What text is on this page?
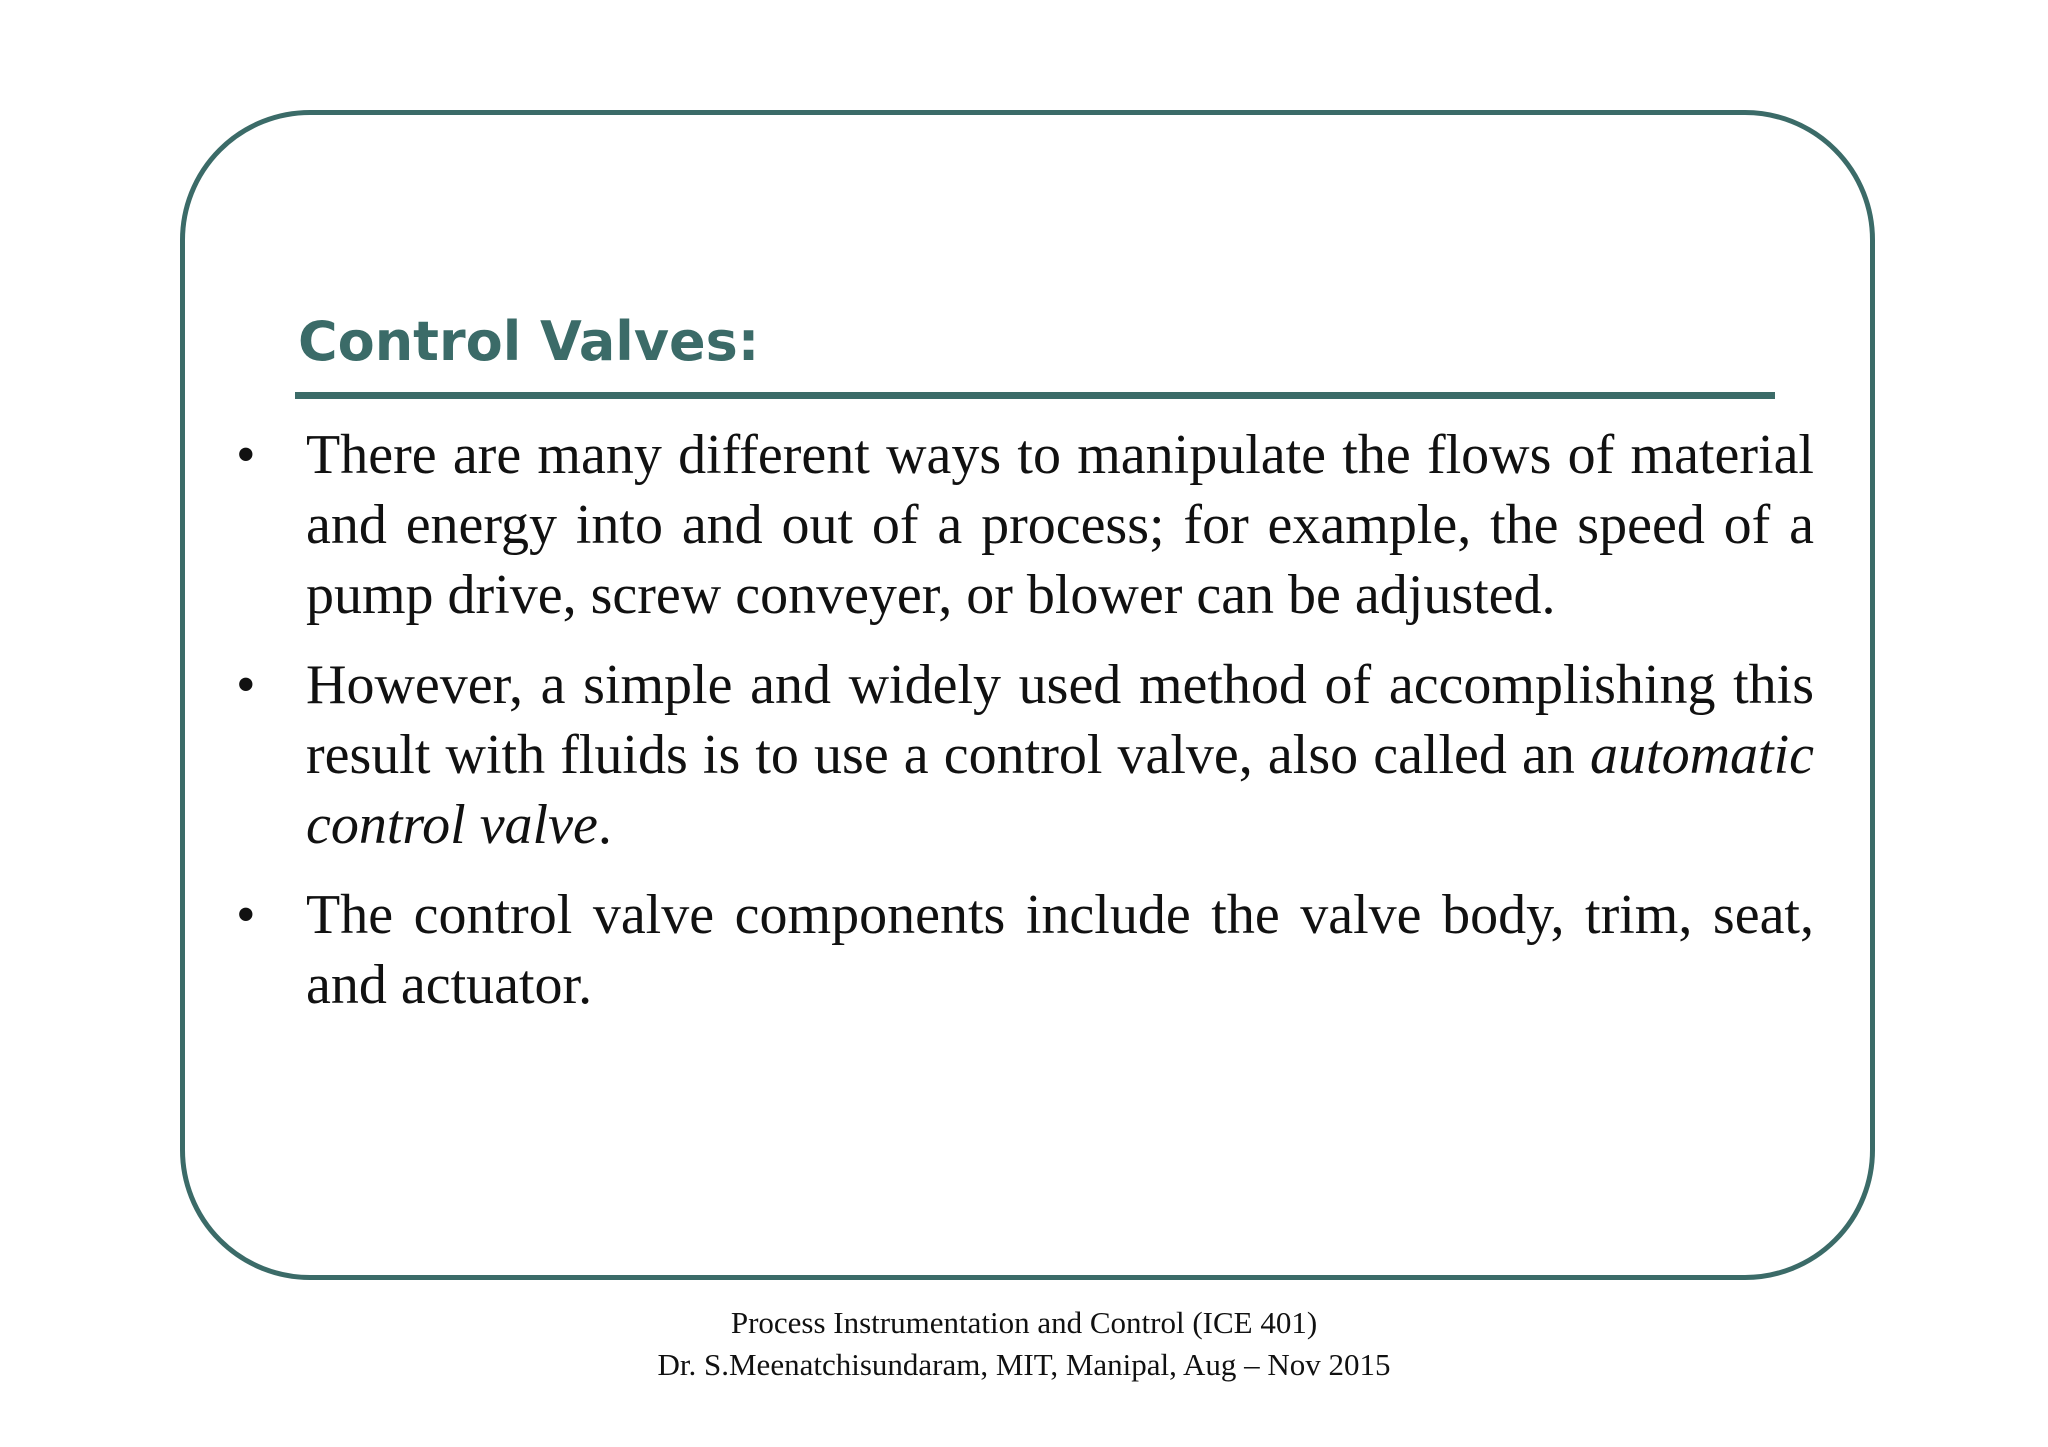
Control Valves:
• There are many different ways to manipulate the flows of material and energy into and out of a process; for example, the speed of a pump drive, screw conveyer, or blower can be adjusted.
• However, a simple and widely used method of accomplishing this result with fluids is to use a control valve, also called an automatic control valve.
• The control valve components include the valve body, trim, seat, and actuator.
Process Instrumentation and Control (ICE 401)
Dr. S.Meenatchisundaram, MIT, Manipal, Aug – Nov 2015
